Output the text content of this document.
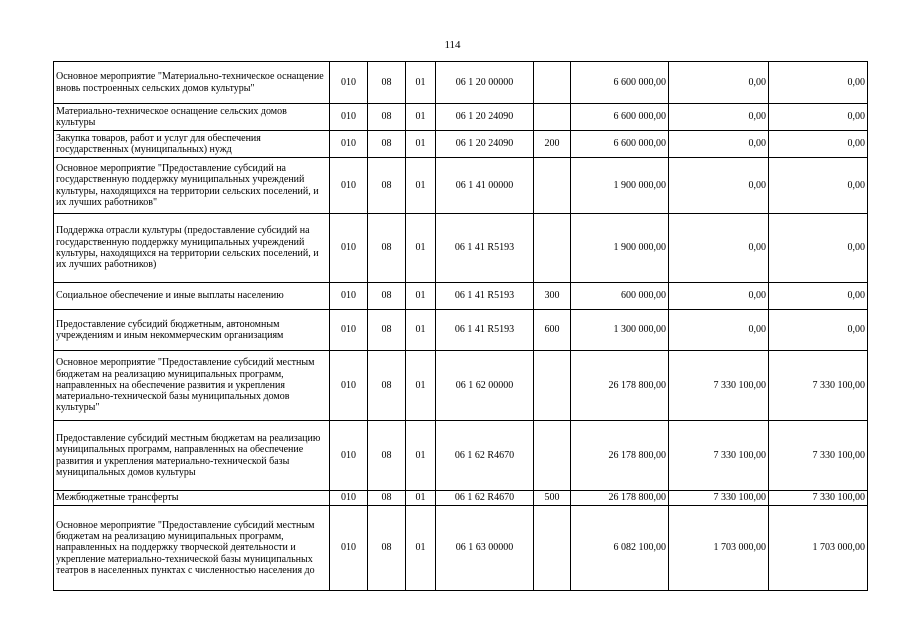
114
Основное мероприятие "Материально-техническое оснащение вновь построенных сельских домов культуры"	010	08	01	06 1 20 00000		6 600 000,00	0,00	0,00
Материально-техническое оснащение сельских домов культуры	010	08	01	06 1 20 24090		6 600 000,00	0,00	0,00
Закупка товаров, работ и услуг для обеспечения государственных (муниципальных) нужд	010	08	01	06 1 20 24090	200	6 600 000,00	0,00	0,00
Основное мероприятие "Предоставление субсидий на государственную поддержку муниципальных учреждений культуры, находящихся на территории сельских поселений, и их лучших работников"	010	08	01	06 1 41 00000		1 900 000,00	0,00	0,00
Поддержка отрасли культуры (предоставление субсидий на государственную поддержку муниципальных учреждений культуры, находящихся на территории сельских поселений, и их лучших работников)	010	08	01	06 1 41 R5193		1 900 000,00	0,00	0,00
Социальное обеспечение и иные выплаты населению	010	08	01	06 1 41 R5193	300	600 000,00	0,00	0,00
Предоставление субсидий бюджетным, автономным учреждениям и иным некоммерческим организациям	010	08	01	06 1 41 R5193	600	1 300 000,00	0,00	0,00
Основное мероприятие "Предоставление субсидий местным бюджетам на реализацию муниципальных программ, направленных на обеспечение развития и укрепления материально-технической базы муниципальных домов культуры"	010	08	01	06 1 62 00000		26 178 800,00	7 330 100,00	7 330 100,00
Предоставление субсидий местным бюджетам на реализацию муниципальных программ, направленных на обеспечение развития и укрепления материально-технической базы муниципальных домов культуры	010	08	01	06 1 62 R4670		26 178 800,00	7 330 100,00	7 330 100,00
Межбюджетные трансферты	010	08	01	06 1 62 R4670	500	26 178 800,00	7 330 100,00	7 330 100,00
Основное мероприятие "Предоставление субсидий местным бюджетам на реализацию муниципальных программ, направленных на поддержку творческой деятельности и укрепление материально-технической базы муниципальных театров в населенных пунктах с численностью населения до	010	08	01	06 1 63 00000		6 082 100,00	1 703 000,00	1 703 000,00
